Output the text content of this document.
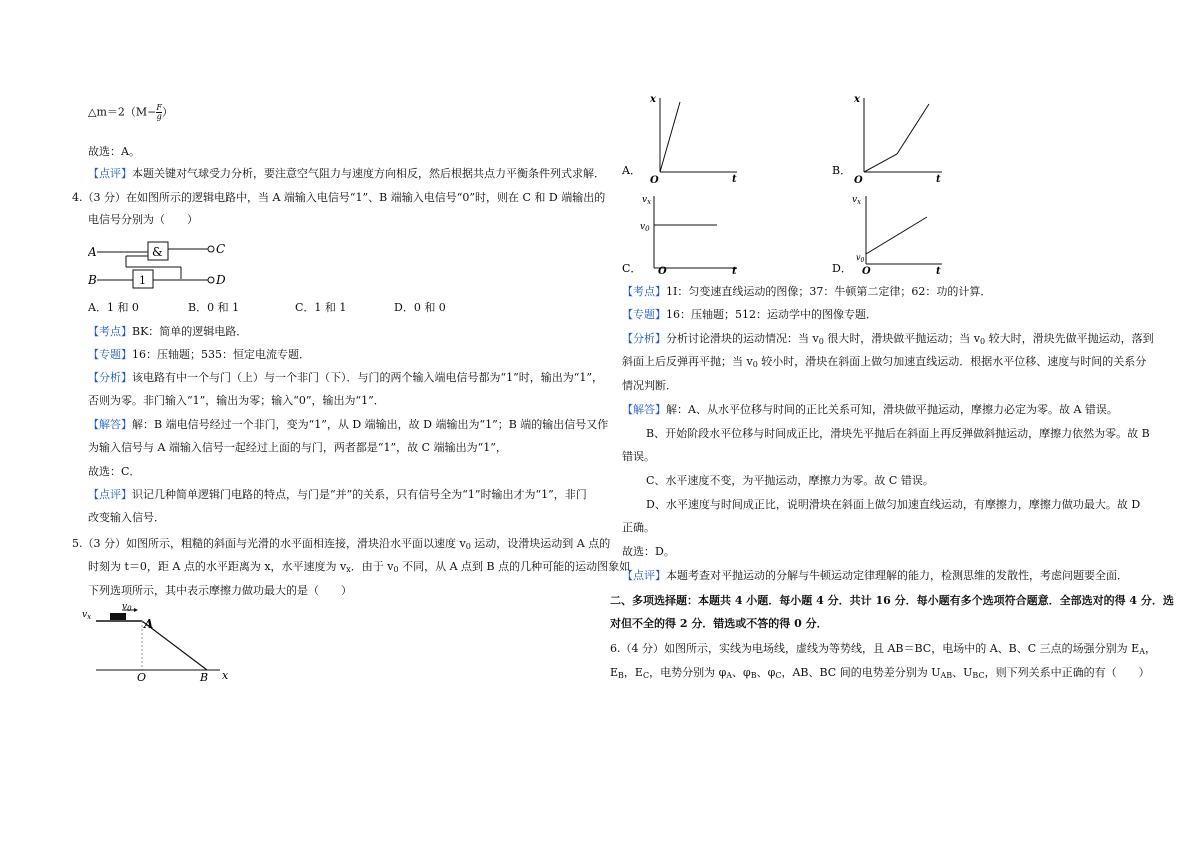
△m＝2（M− $\frac{F}{g}$ ）
故选：A。
【点评】本题关键对气球受力分析，要注意空气阻力与速度方向相反，然后根据共点力平衡条件列式求解．
4.（3 分）在如图所示的逻辑电路中，当 A 端输入电信号“1”、B 端输入电信号“0”时，则在 C 和 D 端输出的
电信号分别为（　　）
A	&	C
B	1	D
A．1 和 0	B．0 和 1	C．1 和 1	D．0 和 0
【考点】BK：简单的逻辑电路．
【专题】16：压轴题；535：恒定电流专题．
【分析】该电路有中一个与门（上）与一个非门（下）．与门的两个输入端电信号都为“1”时，输出为“1”，
否则为零。非门输入“1”，输出为零；输入“0”，输出为“1”．
【解答】解：B 端电信号经过一个非门，变为“1”，从 D 端输出，故 D 端输出为“1”；B 端的输出信号又作
为输入信号与 A 端输入信号一起经过上面的与门，两者都是“1”，故 C 端输出为“1”，
故选：C．
【点评】识记几种简单逻辑门电路的特点，与门是“并”的关系，只有信号全为“1”时输出才为“1”，非门
改变输入信号．
5.（3 分）如图所示，粗糙的斜面与光滑的水平面相连接，滑块沿水平面以速度 $v_0$ 运动，设滑块运动到 A 点的
时刻为 t＝0，距 A 点的水平距离为 x，水平速度为 $v_x$．由于 $v_0$ 不同，从 A 点到 B 点的几种可能的运动图象如
下列选项所示，其中表示摩擦力做功最大的是（　　）
$v_x$
$v_0$
A
O	B x
A．
x
t
O
B．
x
t
O
C．
$v_x$
$v_0$
t
O	D．
$v_x$
$v_0$
t
O
【考点】1I：匀变速直线运动的图像；37：牛顿第二定律；62：功的计算．
【专题】16：压轴题；512：运动学中的图像专题．
【分析】分析讨论滑块的运动情况：当 $v_0$ 很大时，滑块做平抛运动；当 $v_0$ 较大时，滑块先做平抛运动，落到
斜面上后反弹再平抛；当 $v_0$ 较小时，滑块在斜面上做匀加速直线运动．根据水平位移、速度与时间的关系分
情况判断．
【解答】解：A、从水平位移与时间的正比关系可知，滑块做平抛运动，摩擦力必定为零。故 A 错误。
B、开始阶段水平位移与时间成正比，滑块先平抛后在斜面上再反弹做斜抛运动，摩擦力依然为零。故 B
错误。
C、水平速度不变，为平抛运动，摩擦力为零。故 C 错误。
D、水平速度与时间成正比，说明滑块在斜面上做匀加速直线运动，有摩擦力，摩擦力做功最大。故 D
正确。
故选：D。
【点评】本题考查对平抛运动的分解与牛顿运动定律理解的能力，检测思维的发散性，考虑问题要全面．
二、多项选择题：本题共 4 小题．每小题 4 分．共计 16 分．每小题有多个选项符合题意．全部选对的得 4 分．选
对但不全的得 2 分．错选或不答的得 0 分．
6.（4 分）如图所示，实线为电场线，虚线为等势线，且 AB＝BC，电场中的 A、B、C 三点的场强分别为 $E_A$，
$E_B$，$E_C$，电势分别为 $\varphi_A$、$\varphi_B$、$\varphi_C$，AB、BC 间的电势差分别为 $U_{AB}$、$U_{BC}$，则下列关系中正确的有（　　）
